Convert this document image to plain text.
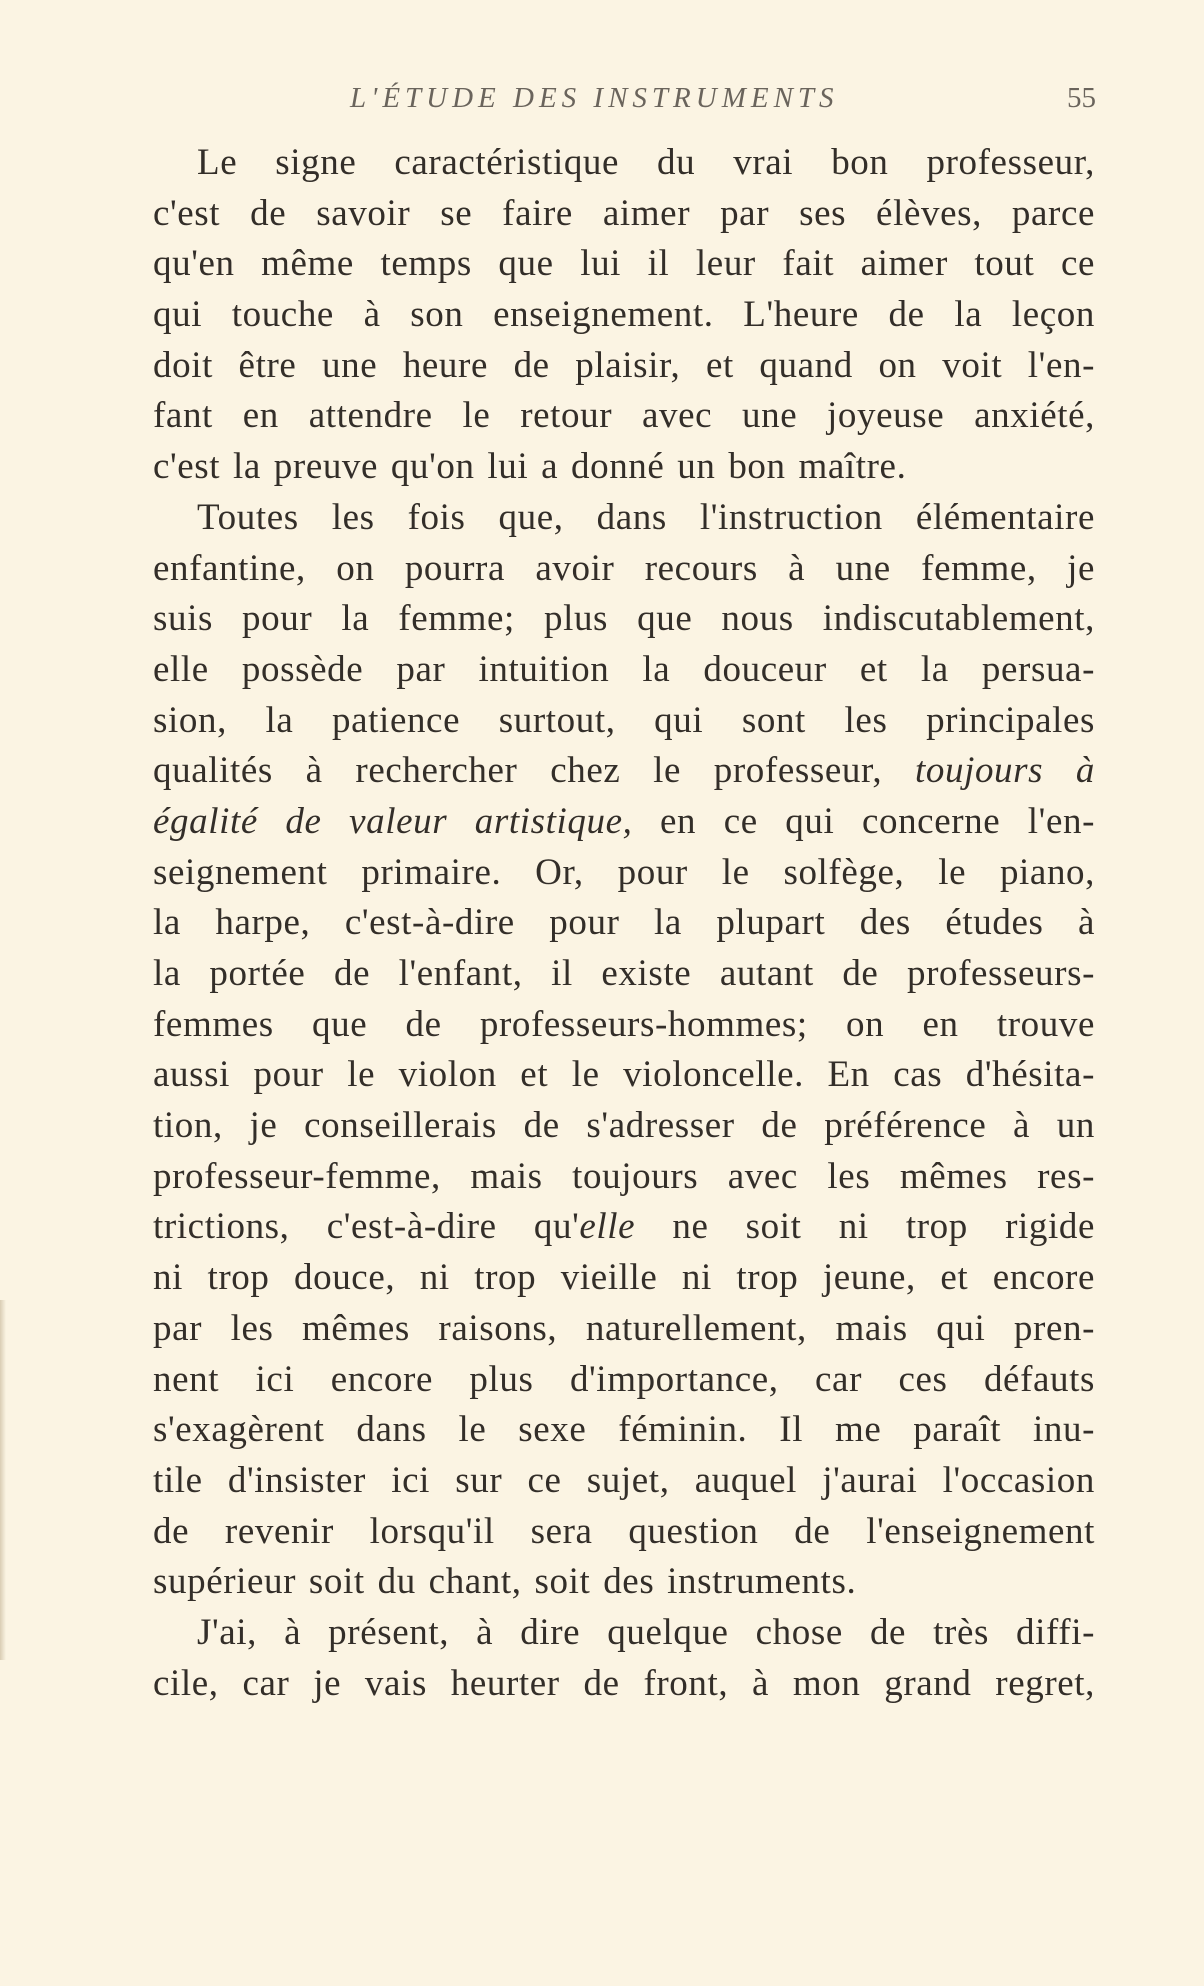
L'ÉTUDE DES INSTRUMENTS	55
Le signe caractéristique du vrai bon professeur,
c'est de savoir se faire aimer par ses élèves, parce
qu'en même temps que lui il leur fait aimer tout ce
qui touche à son enseignement. L'heure de la leçon
doit être une heure de plaisir, et quand on voit l'en-
fant en attendre le retour avec une joyeuse anxiété,
c'est la preuve qu'on lui a donné un bon maître.
Toutes les fois que, dans l'instruction élémentaire
enfantine, on pourra avoir recours à une femme, je
suis pour la femme; plus que nous indiscutablement,
elle possède par intuition la douceur et la persua-
sion, la patience surtout, qui sont les principales
qualités à rechercher chez le professeur, toujours à
égalité de valeur artistique, en ce qui concerne l'en-
seignement primaire. Or, pour le solfège, le piano,
la harpe, c'est-à-dire pour la plupart des études à
la portée de l'enfant, il existe autant de professeurs-
femmes que de professeurs-hommes; on en trouve
aussi pour le violon et le violoncelle. En cas d'hésita-
tion, je conseillerais de s'adresser de préférence à un
professeur-femme, mais toujours avec les mêmes res-
trictions, c'est-à-dire qu'elle ne soit ni trop rigide
ni trop douce, ni trop vieille ni trop jeune, et encore
par les mêmes raisons, naturellement, mais qui pren-
nent ici encore plus d'importance, car ces défauts
s'exagèrent dans le sexe féminin. Il me paraît inu-
tile d'insister ici sur ce sujet, auquel j'aurai l'occasion
de revenir lorsqu'il sera question de l'enseignement
supérieur soit du chant, soit des instruments.
J'ai, à présent, à dire quelque chose de très diffi-
cile, car je vais heurter de front, à mon grand regret,
